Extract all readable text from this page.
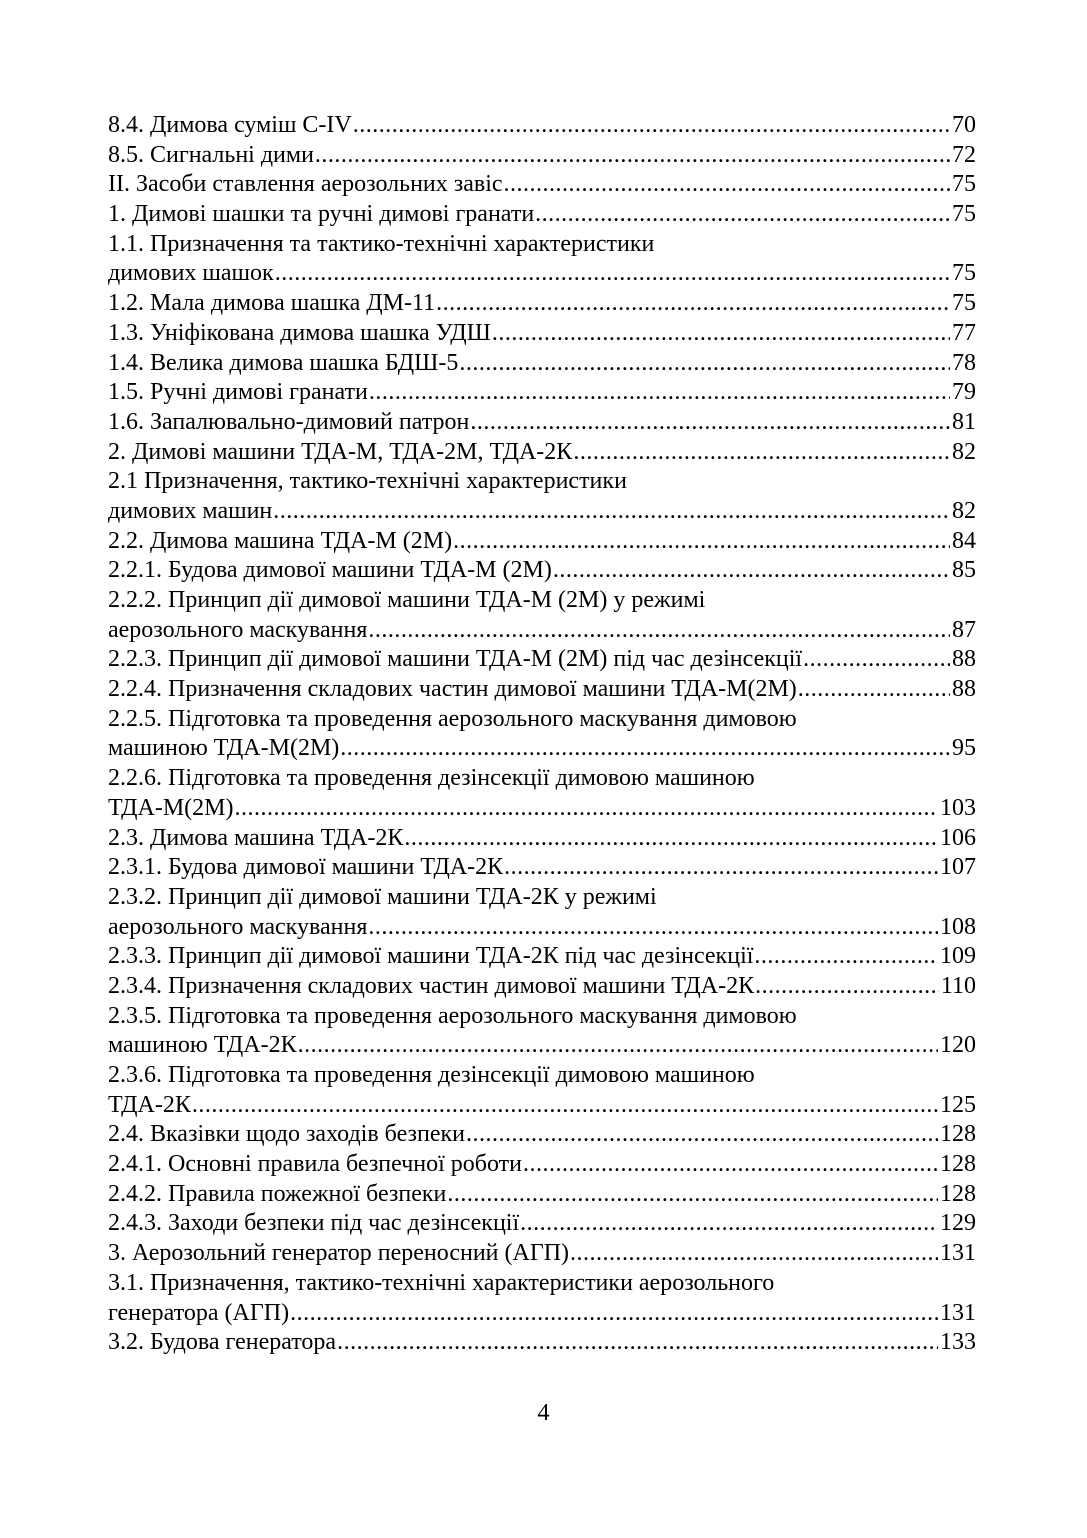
8.4. Димова суміш С-IV .....	70
8.5. Сигнальні дими .....	72
ІІ. Засоби ставлення аерозольних завіс .....	75
1. Димові шашки та ручні димові гранати .....	75
1.1. Призначення та тактико-технічні характеристики
димових шашок .....	75
1.2. Мала димова шашка ДМ-11 .....	75
1.3. Уніфікована димова шашка УДШ .....	77
1.4. Велика димова шашка БДШ-5 .....	78
1.5. Ручні димові гранати .....	79
1.6. Запалювально-димовий патрон .....	81
2. Димові машини ТДА-М, ТДА-2М, ТДА-2К .....	82
2.1 Призначення, тактико-технічні характеристики
димових машин .....	82
2.2. Димова машина ТДА-М (2М) .....	84
2.2.1. Будова димової машини ТДА-М (2М) .....	85
2.2.2. Принцип дії димової машини ТДА-М (2М) у режимі
аерозольного маскування .....	87
2.2.3. Принцип дії димової машини ТДА-М (2М) під час дезінсекції .....	88
2.2.4. Призначення складових частин димової машини ТДА-М(2М) .....	88
2.2.5. Підготовка та проведення аерозольного маскування димовою
машиною ТДА-М(2М) .....	95
2.2.6. Підготовка та проведення дезінсекції димовою машиною
ТДА-М(2М) .....	103
2.3. Димова машина ТДА-2К .....	106
2.3.1. Будова димової машини ТДА-2К .....	107
2.3.2. Принцип дії димової машини ТДА-2К у режимі
аерозольного маскування .....	108
2.3.3. Принцип дії димової машини ТДА-2К під час дезінсекції .....	109
2.3.4. Призначення складових частин димової машини ТДА-2К .....	110
2.3.5. Підготовка та проведення аерозольного маскування димовою
машиною ТДА-2К .....	120
2.3.6. Підготовка та проведення дезінсекції димовою машиною
ТДА-2К .....	125
2.4. Вказівки щодо заходів безпеки .....	128
2.4.1. Основні правила безпечної роботи .....	128
2.4.2. Правила пожежної безпеки .....	128
2.4.3. Заходи безпеки під час дезінсекції .....	129
3. Аерозольний генератор переносний (АГП) .....	131
3.1. Призначення, тактико-технічні характеристики аерозольного
генератора (АГП) .....	131
3.2. Будова генератора .....	133
4
